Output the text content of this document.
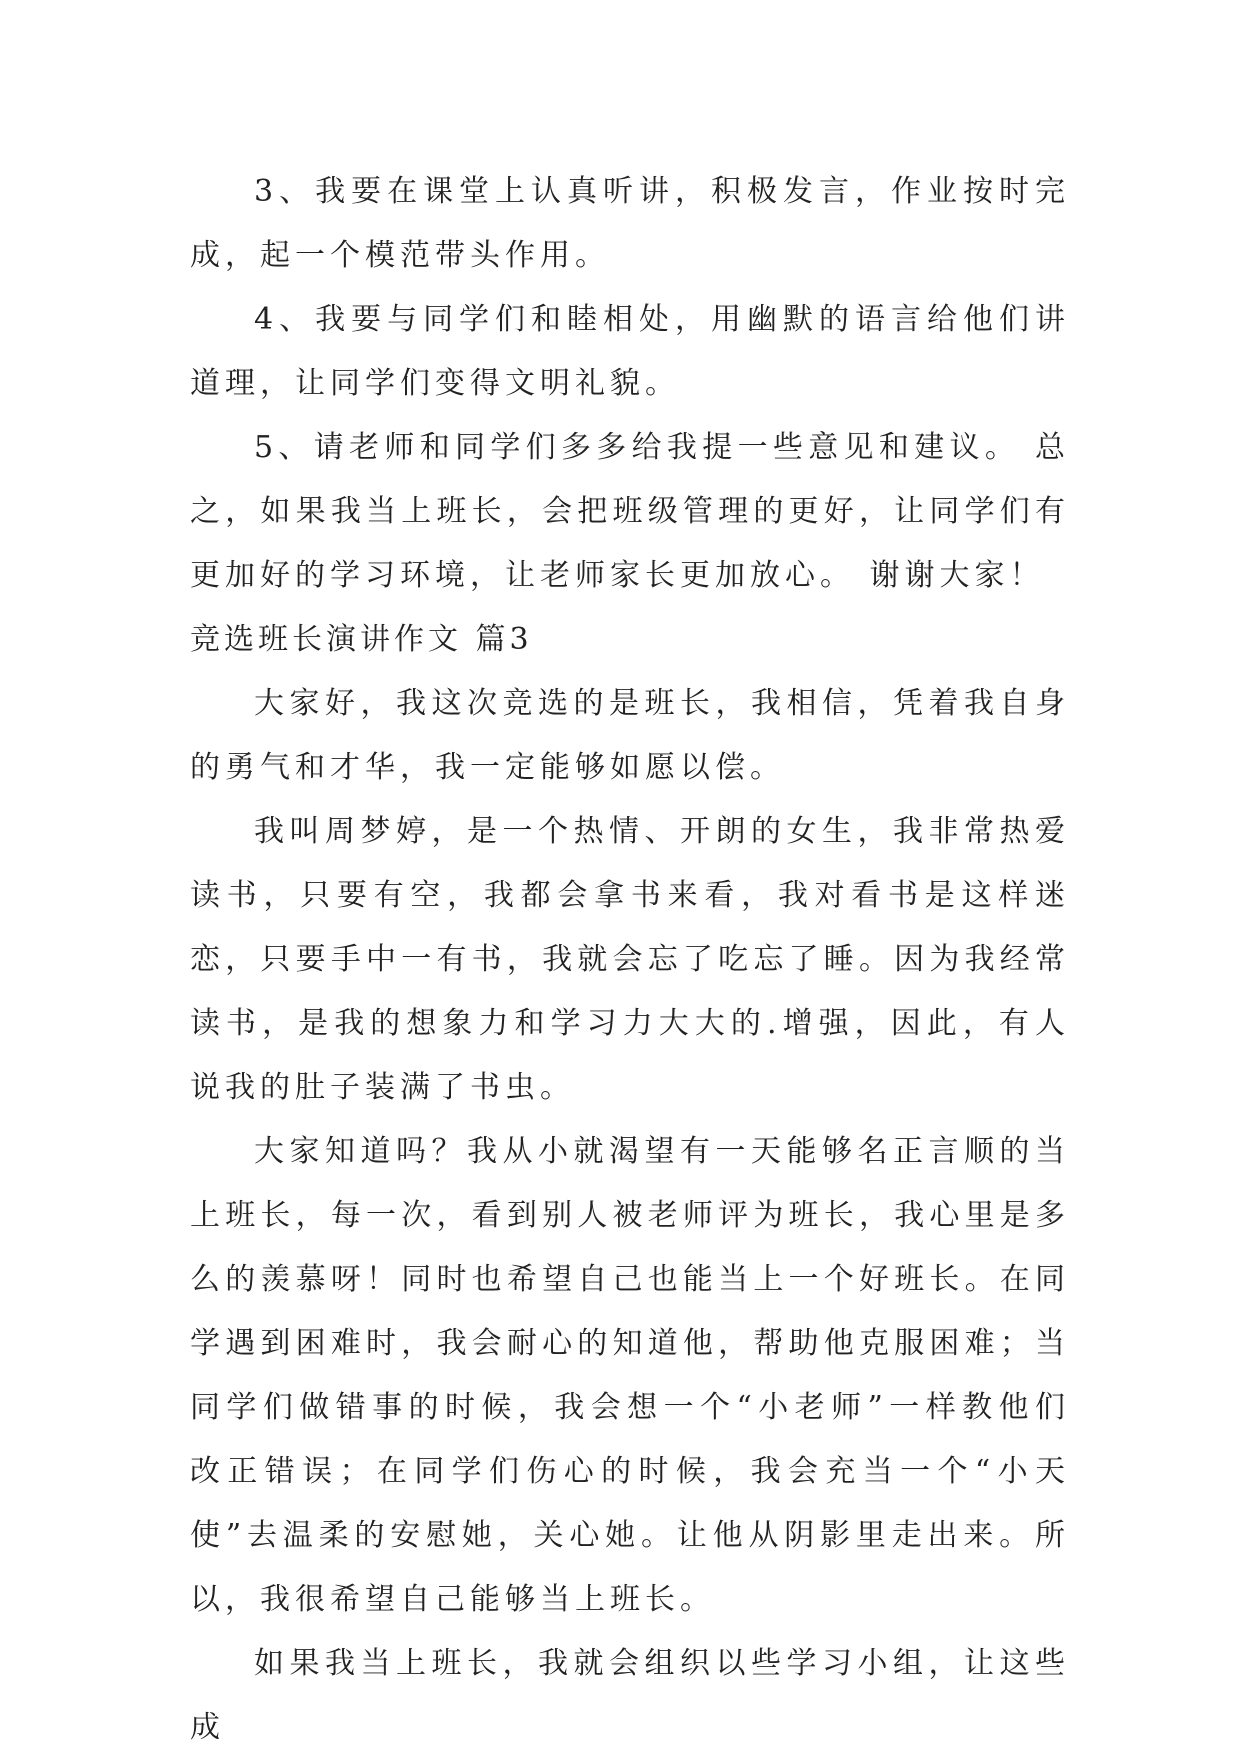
3、我要在课堂上认真听讲，积极发言，作业按时完成，起一个模范带头作用。

4、我要与同学们和睦相处，用幽默的语言给他们讲道理，让同学们变得文明礼貌。

5、请老师和同学们多多给我提一些意见和建议。 总之，如果我当上班长，会把班级管理的更好，让同学们有更加好的学习环境，让老师家长更加放心。 谢谢大家！

竞选班长演讲作文 篇3

大家好，我这次竞选的是班长，我相信，凭着我自身的勇气和才华，我一定能够如愿以偿。

我叫周梦婷，是一个热情、开朗的女生，我非常热爱读书，只要有空，我都会拿书来看，我对看书是这样迷恋，只要手中一有书，我就会忘了吃忘了睡。因为我经常读书，是我的想象力和学习力大大的.增强，因此，有人说我的肚子装满了书虫。

大家知道吗？我从小就渴望有一天能够名正言顺的当上班长，每一次，看到别人被老师评为班长，我心里是多么的羡慕呀！同时也希望自己也能当上一个好班长。在同学遇到困难时，我会耐心的知道他，帮助他克服困难；当同学们做错事的时候，我会想一个“小老师”一样教他们改正错误；在同学们伤心的时候，我会充当一个“小天使”去温柔的安慰她，关心她。让他从阴影里走出来。所以，我很希望自己能够当上班长。

如果我当上班长，我就会组织以些学习小组，让这些成
